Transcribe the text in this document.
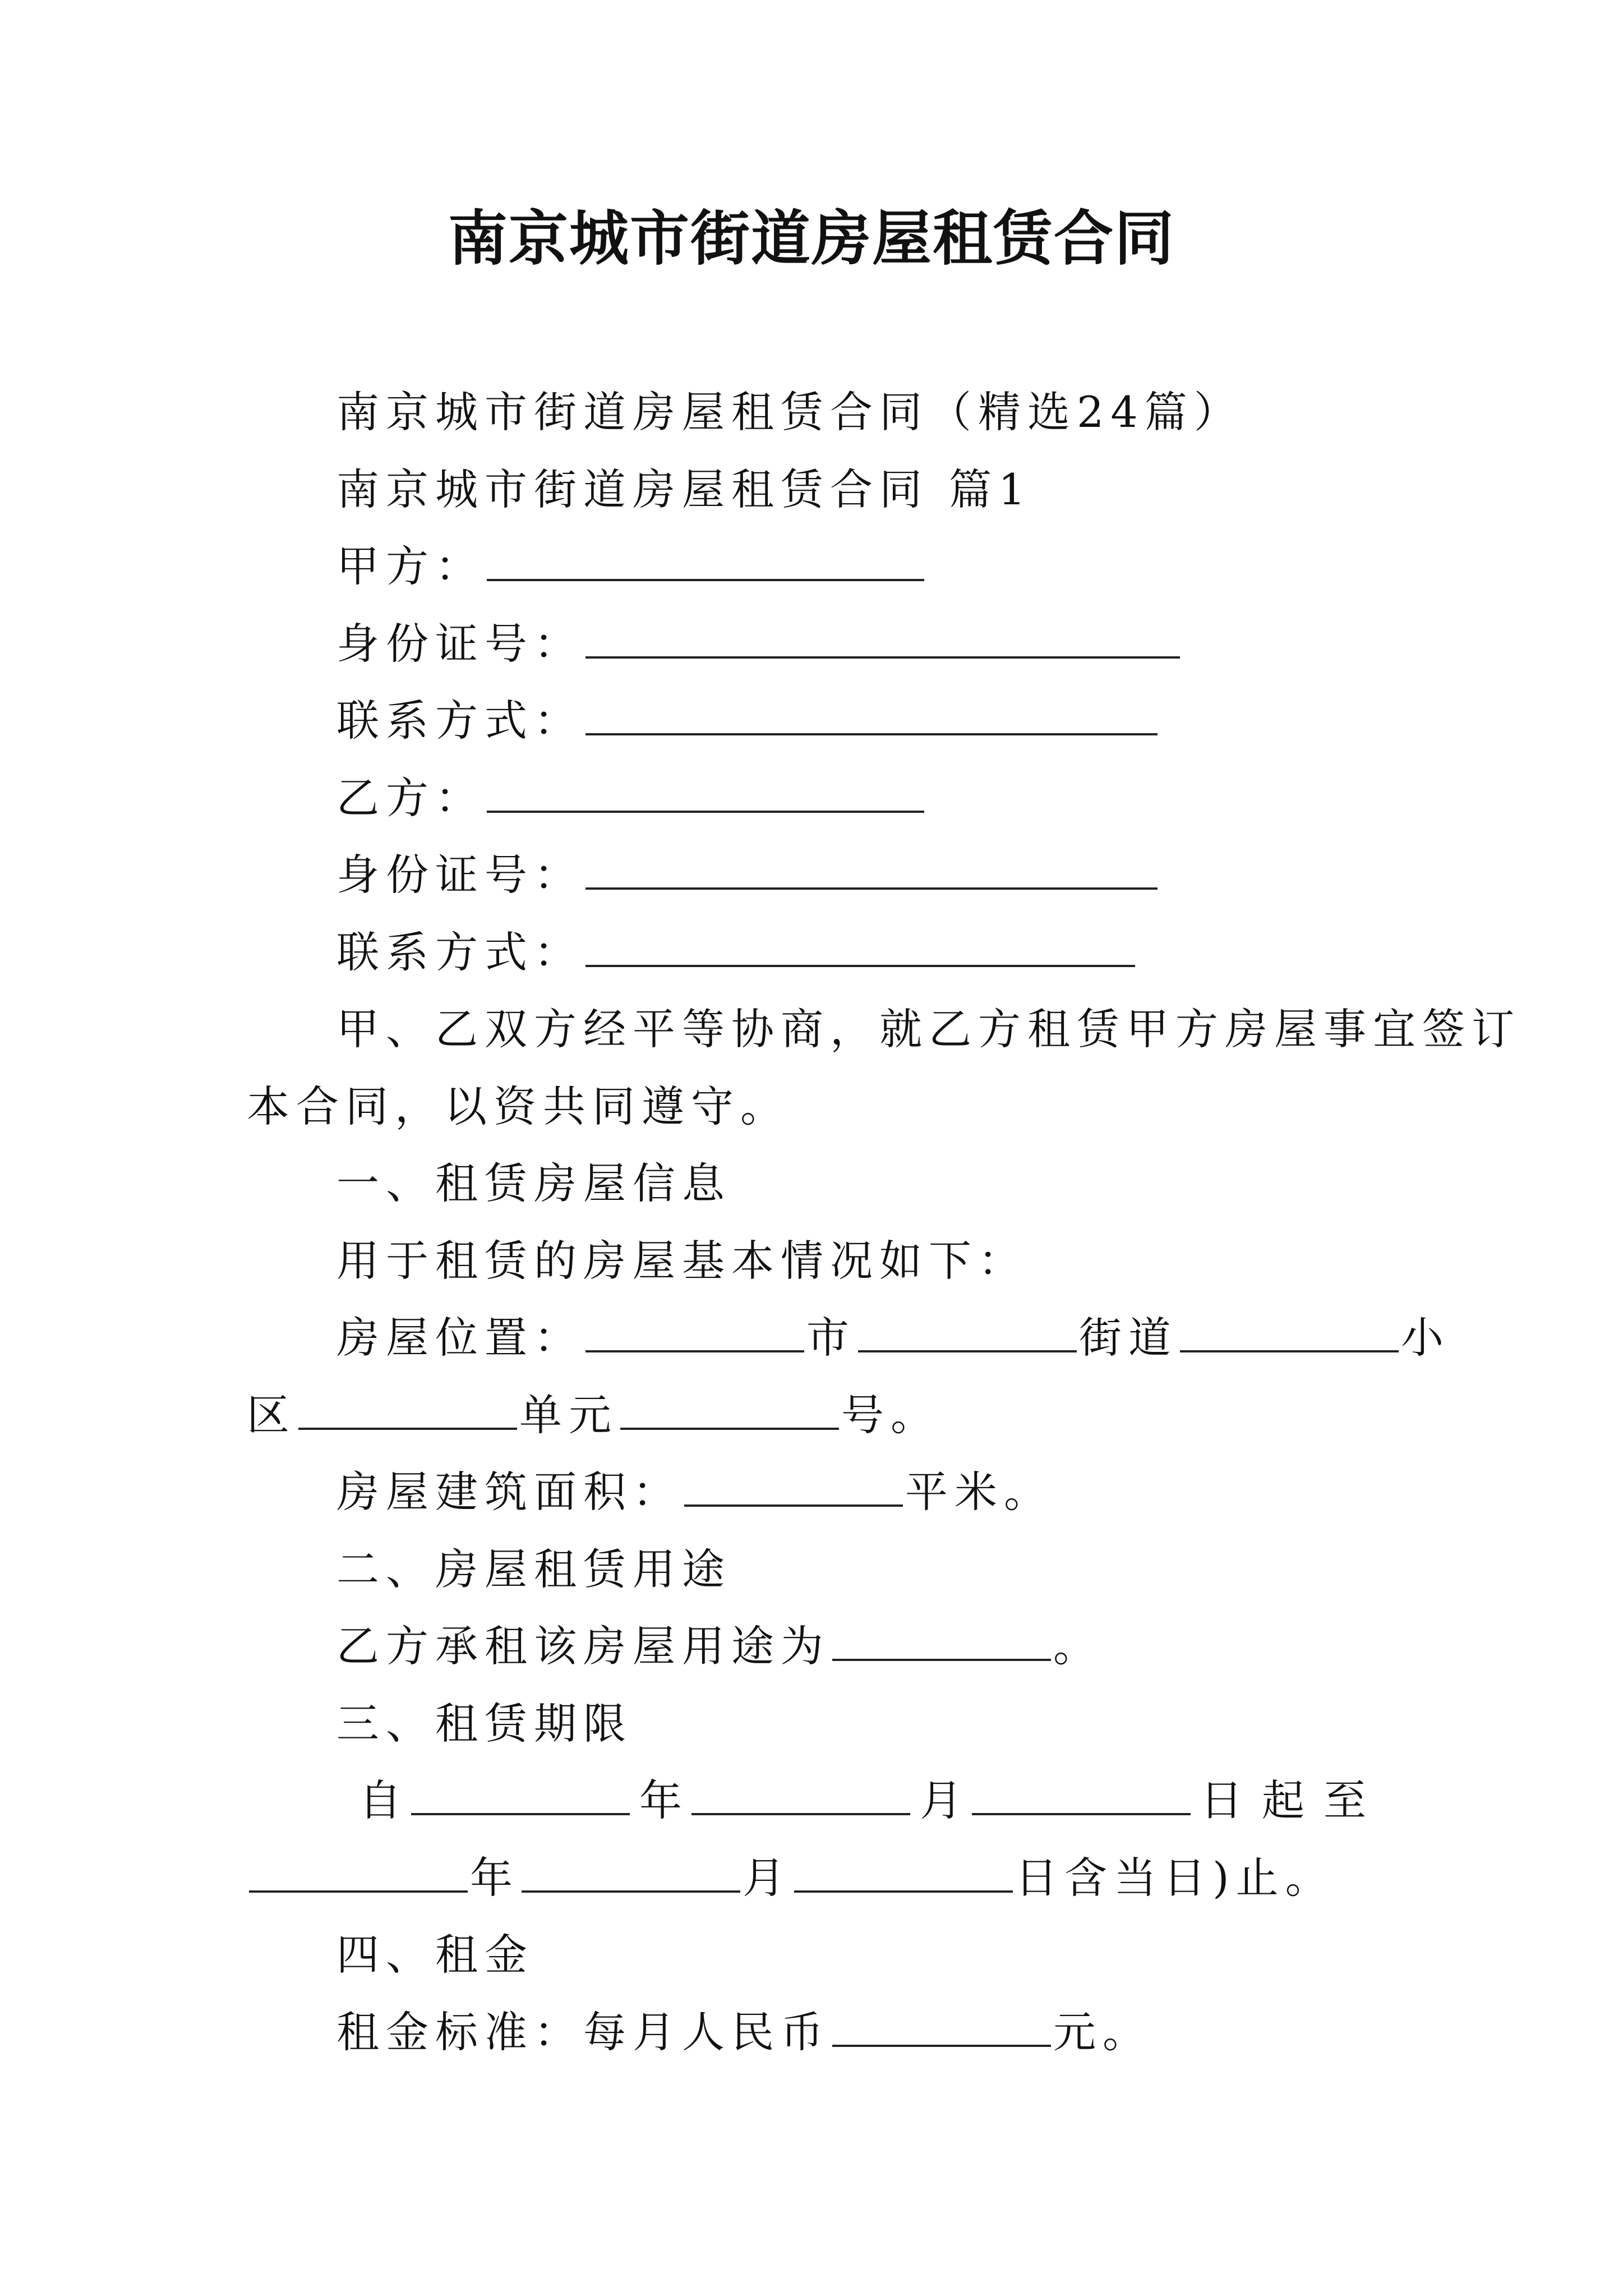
南京城市街道房屋租赁合同
南京城市街道房屋租赁合同（精选24篇）
南京城市街道房屋租赁合同 篇1
甲方：
身份证号：
联系方式：
乙方：
身份证号：
联系方式：
甲、乙双方经平等协商，就乙方租赁甲方房屋事宜签订
本合同，以资共同遵守。
一、租赁房屋信息
用于租赁的房屋基本情况如下：
房屋位置：	市	街道	小
区	单元	号。
房屋建筑面积：	平米。
二、房屋租赁用途
乙方承租该房屋用途为	。
三、租赁期限
自	年	月	日起至
年	月	日含当日)止。
四、租金
租金标准：每月人民币	元。
